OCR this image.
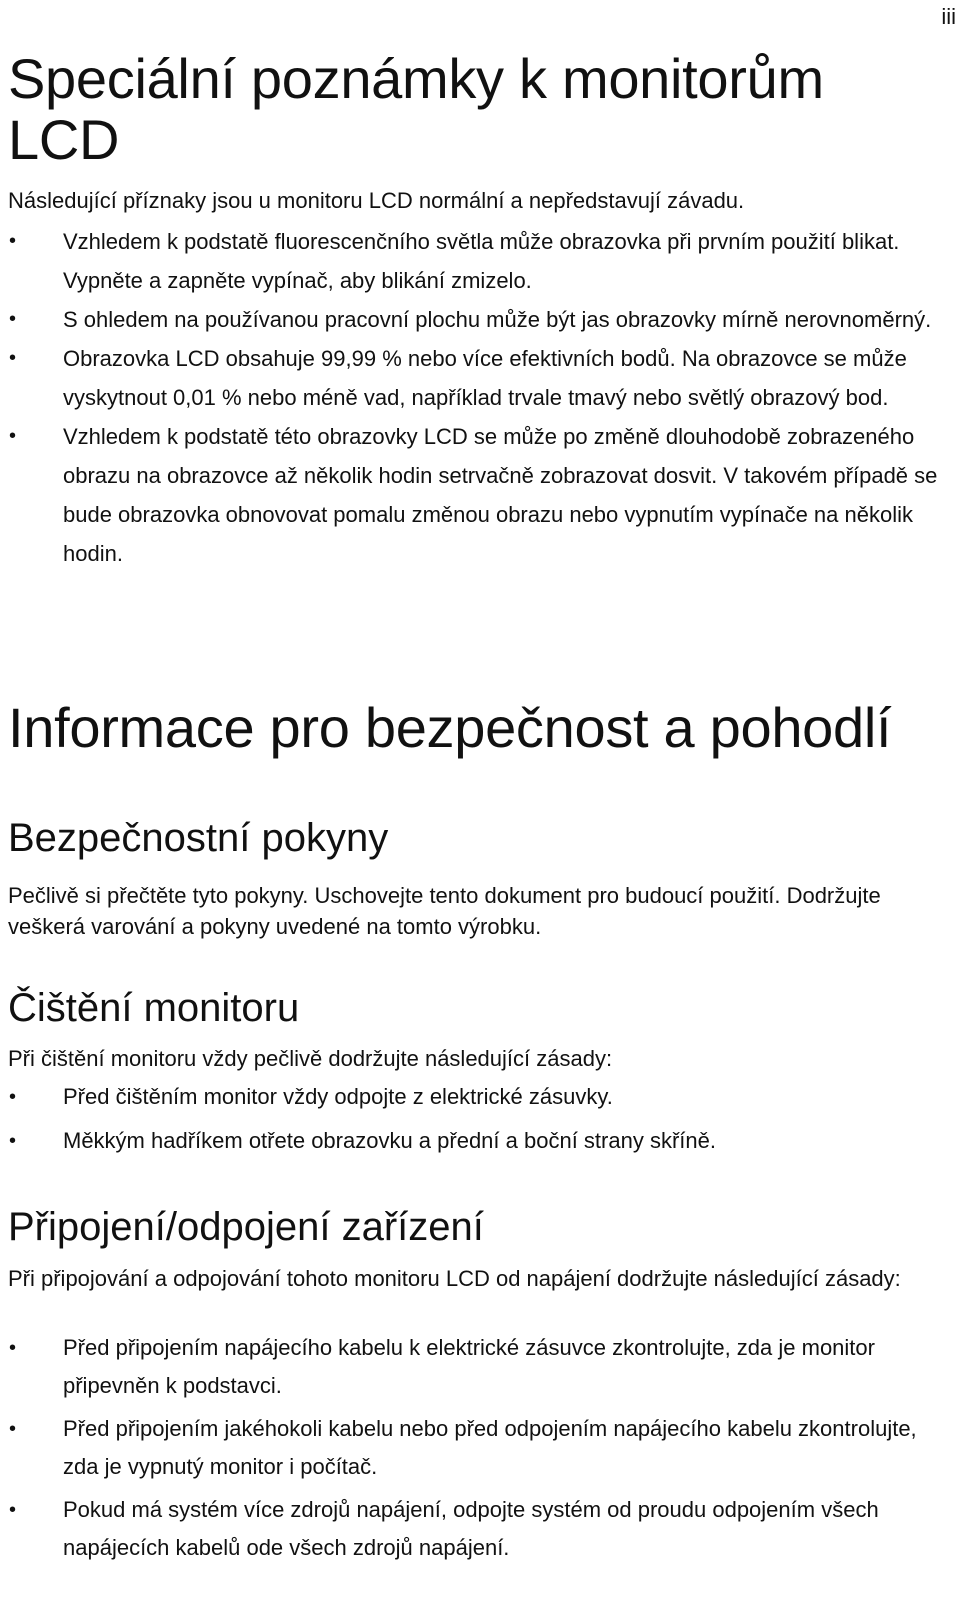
iii
Speciální poznámky k monitorům LCD

Následující příznaky jsou u monitoru LCD normální a nepředstavují závadu.

• Vzhledem k podstatě fluorescenčního světla může obrazovka při prvním použití blikat. Vypněte a zapněte vypínač, aby blikání zmizelo.
• S ohledem na používanou pracovní plochu může být jas obrazovky mírně nerovnoměrný.
• Obrazovka LCD obsahuje 99,99 % nebo více efektivních bodů. Na obrazovce se může vyskytnout 0,01 % nebo méně vad, například trvale tmavý nebo světlý obrazový bod.
• Vzhledem k podstatě této obrazovky LCD se může po změně dlouhodobě zobrazeného obrazu na obrazovce až několik hodin setrvačně zobrazovat dosvit. V takovém případě se bude obrazovka obnovovat pomalu změnou obrazu nebo vypnutím vypínače na několik hodin.
Informace pro bezpečnost a pohodlí
Bezpečnostní pokyny

Pečlivě si přečtěte tyto pokyny. Uschovejte tento dokument pro budoucí použití. Dodržujte veškerá varování a pokyny uvedené na tomto výrobku.

Čištění monitoru

Při čištění monitoru vždy pečlivě dodržujte následující zásady:

• Před čištěním monitor vždy odpojte z elektrické zásuvky.
• Měkkým hadříkem otřete obrazovku a přední a boční strany skříně.
Připojení/odpojení zařízení

Při připojování a odpojování tohoto monitoru LCD od napájení dodržujte následující zásady:

• Před připojením napájecího kabelu k elektrické zásuvce zkontrolujte, zda je monitor připevněn k podstavci.
• Před připojením jakéhokoli kabelu nebo před odpojením napájecího kabelu zkontrolujte, zda je vypnutý monitor i počítač.
• Pokud má systém více zdrojů napájení, odpojte systém od proudu odpojením všech napájecích kabelů ode všech zdrojů napájení.
